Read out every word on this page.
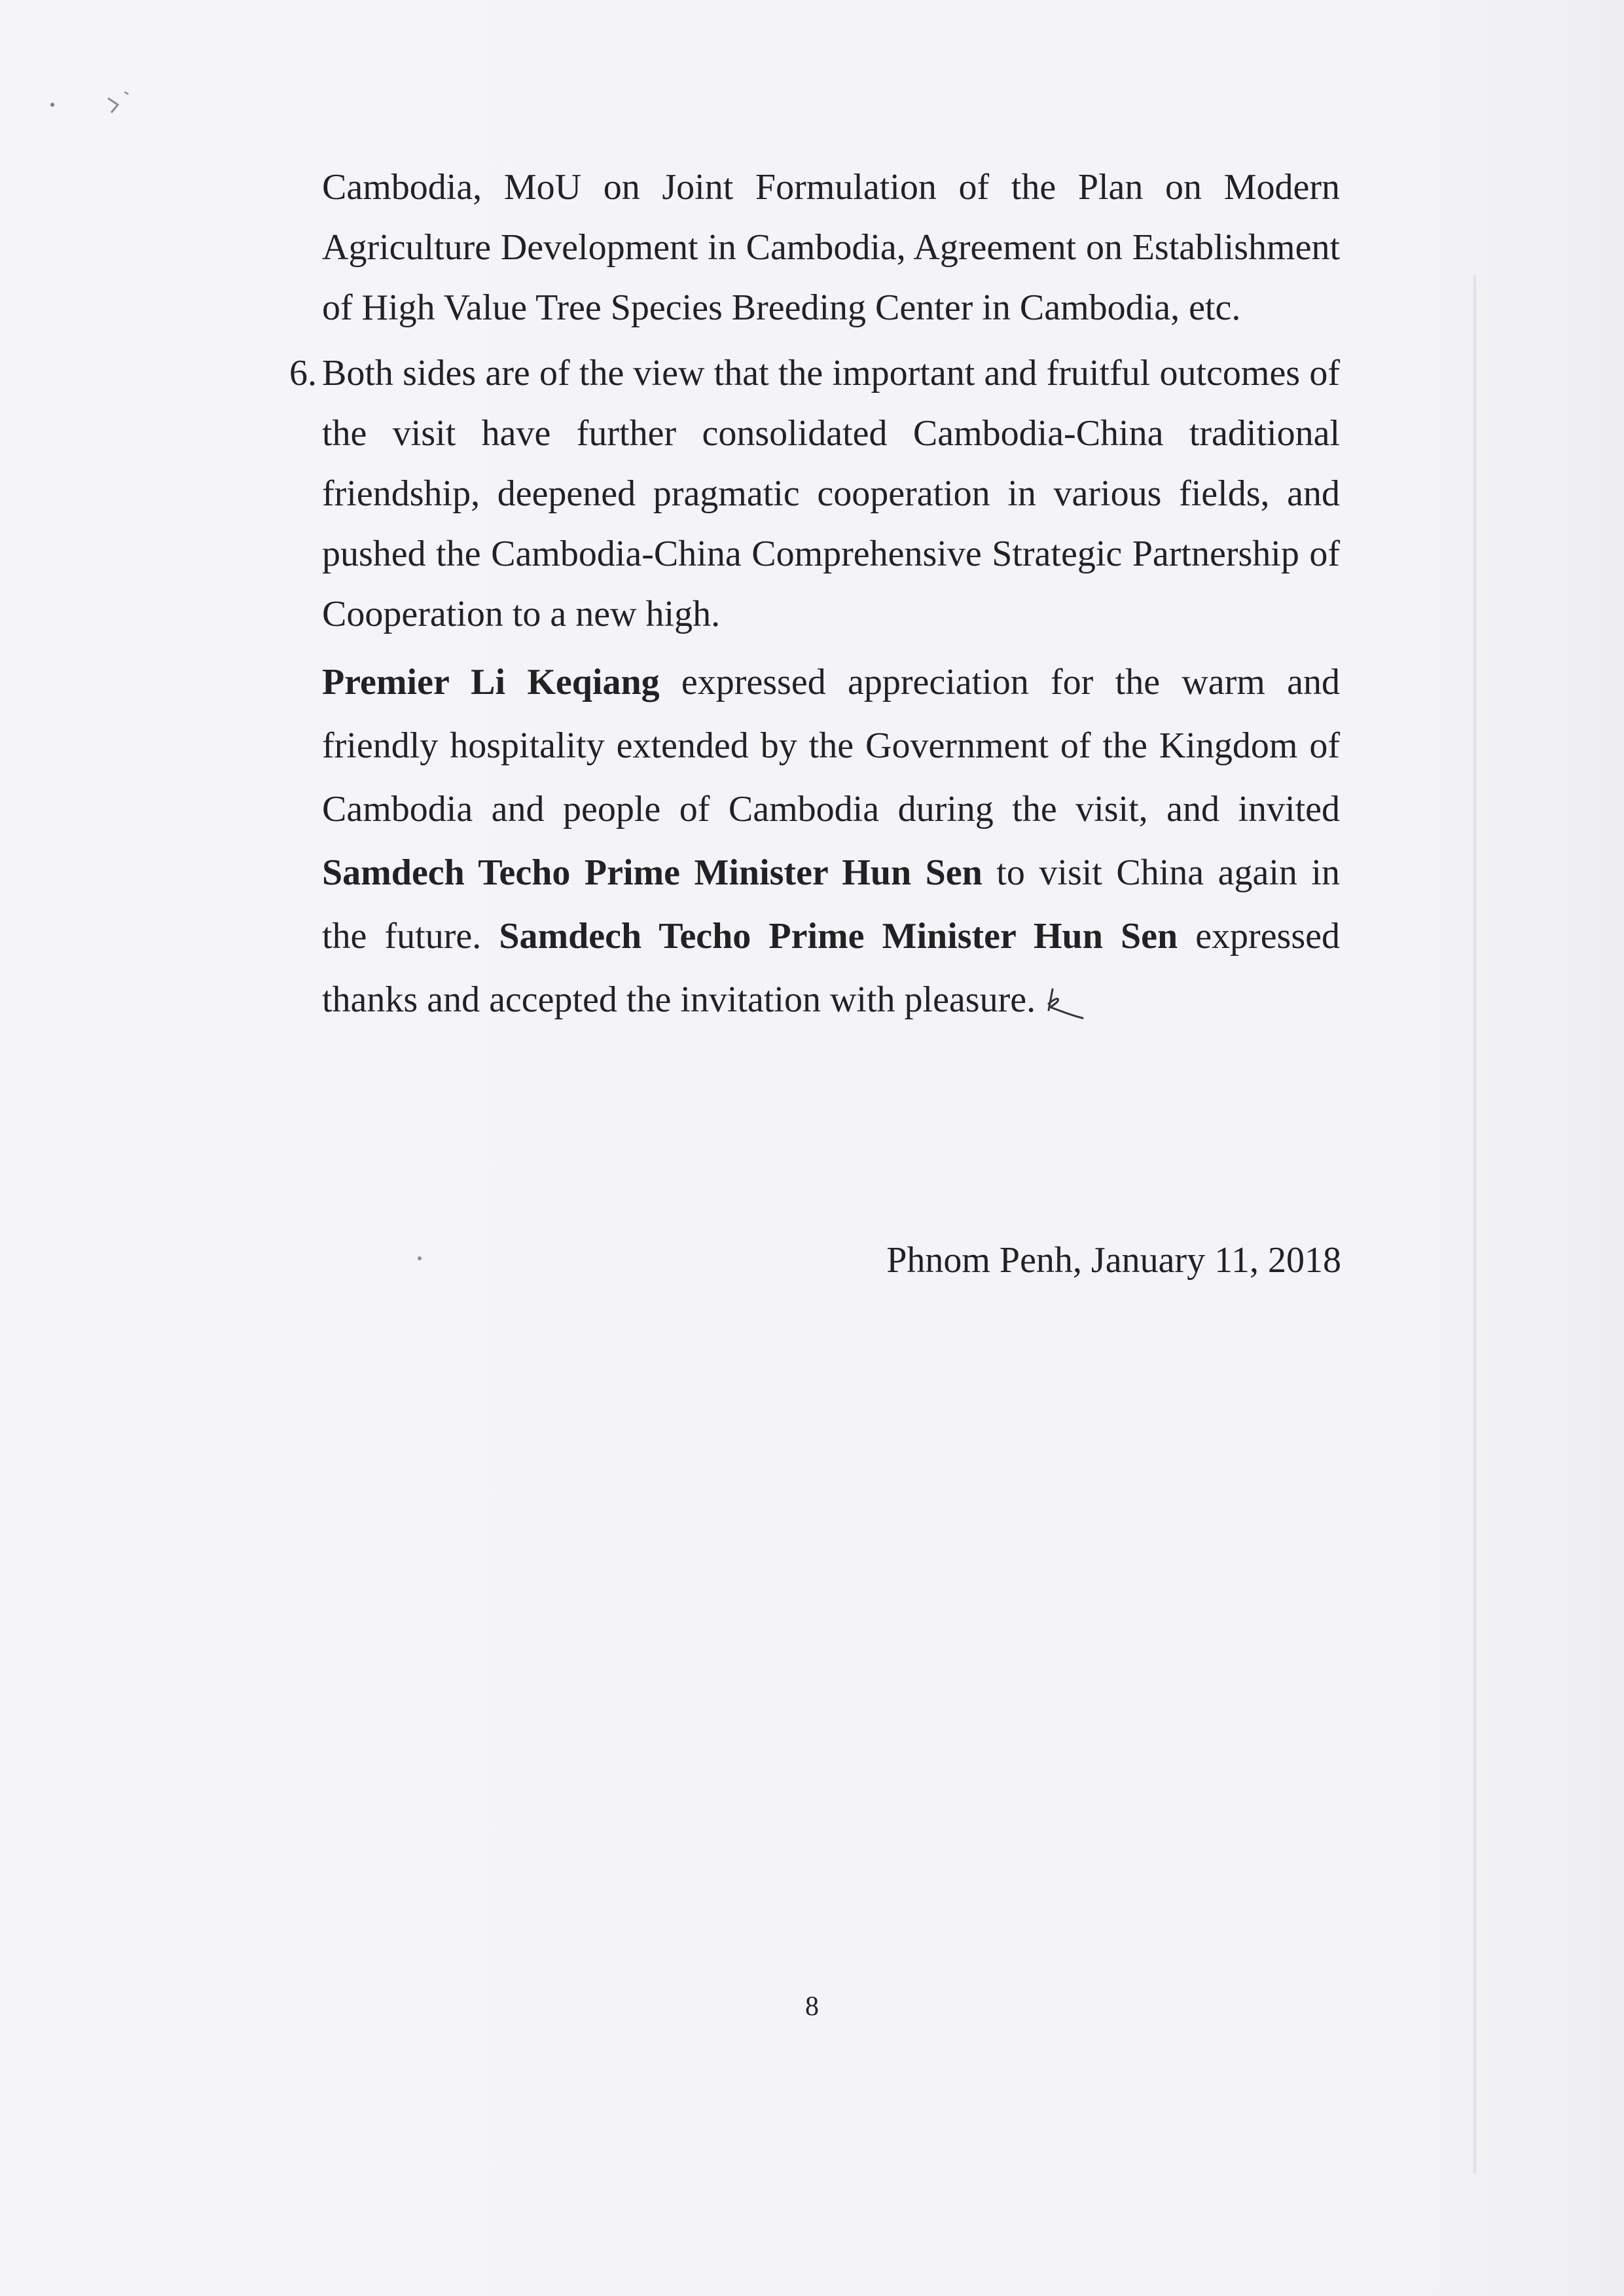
Cambodia, MoU on Joint Formulation of the Plan on Modern Agriculture Development in Cambodia, Agreement on Establishment of High Value Tree Species Breeding Center in Cambodia, etc.

6. Both sides are of the view that the important and fruitful outcomes of the visit have further consolidated Cambodia-China traditional friendship, deepened pragmatic cooperation in various fields, and pushed the Cambodia-China Comprehensive Strategic Partnership of Cooperation to a new high.

Premier Li Keqiang expressed appreciation for the warm and friendly hospitality extended by the Government of the Kingdom of Cambodia and people of Cambodia during the visit, and invited Samdech Techo Prime Minister Hun Sen to visit China again in the future. Samdech Techo Prime Minister Hun Sen expressed thanks and accepted the invitation with pleasure.

Phnom Penh, January 11, 2018
8
